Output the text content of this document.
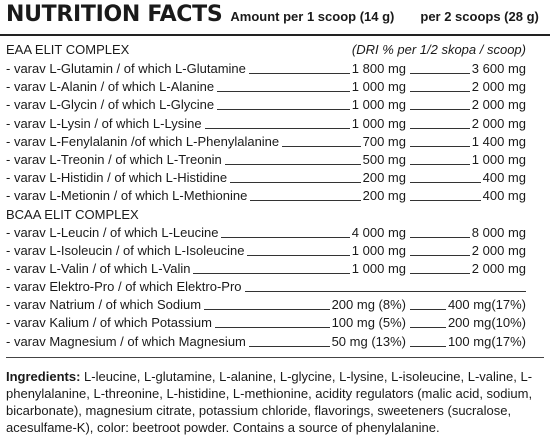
NUTRITION FACTS Amount per 1 scoop (14 g) per 2 scoops (28 g)
EAA ELIT COMPLEX	(DRI % per 1/2 skopa / scoop)
- varav L-Glutamin / of which L-Glutamine	1 800 mg	3 600 mg
- varav L-Alanin / of which L-Alanine	1 000 mg	2 000 mg
- varav L-Glycin / of which L-Glycine	1 000 mg	2 000 mg
- varav L-Lysin / of which L-Lysine	1 000 mg	2 000 mg
- varav L-Fenylalanin /of which L-Phenylalanine	700 mg	1 400 mg
- varav L-Treonin / of which L-Treonin	500 mg	1 000 mg
- varav L-Histidin / of which L-Histidine	200 mg	400 mg
- varav L-Metionin / of which L-Methionine	200 mg	400 mg
BCAA ELIT COMPLEX
- varav L-Leucin / of which L-Leucine	4 000 mg	8 000 mg
- varav L-Isoleucin / of which L-Isoleucine	1 000 mg	2 000 mg
- varav L-Valin / of which L-Valin	1 000 mg	2 000 mg
- varav Elektro-Pro / of which Elektro-Pro
- varav Natrium / of which Sodium	200 mg (8%)	400 mg(17%)
- varav Kalium / of which Potassium	100 mg (5%)	200 mg(10%)
- varav Magnesium / of which Magnesium	50 mg (13%)	100 mg(17%)
Ingredients: L-leucine, L-glutamine, L-alanine, L-glycine, L-lysine, L-isoleucine, L-valine, L-phenylalanine, L-threonine, L-histidine, L-methionine, acidity regulators (malic acid, sodium, bicarbonate), magnesium citrate, potassium chloride, flavorings, sweeteners (sucralose, acesulfame-K), color: beetroot powder. Contains a source of phenylalanine.
